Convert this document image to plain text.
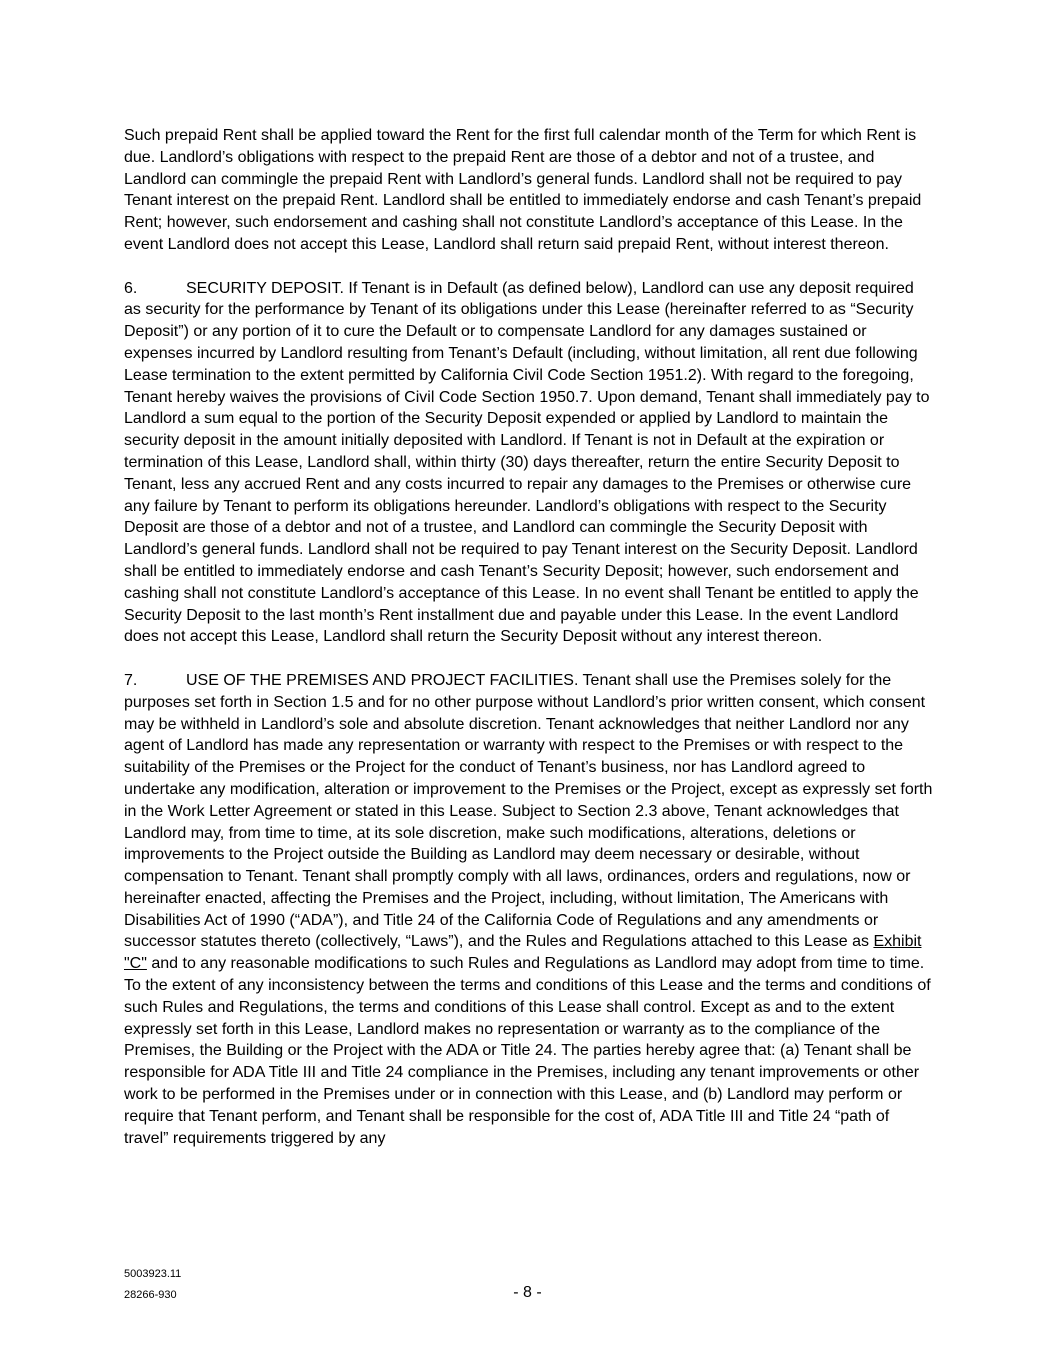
Such prepaid Rent shall be applied toward the Rent for the first full calendar month of the Term for which Rent is due. Landlord’s obligations with respect to the prepaid Rent are those of a debtor and not of a trustee, and Landlord can commingle the prepaid Rent with Landlord’s general funds. Landlord shall not be required to pay Tenant interest on the prepaid Rent. Landlord shall be entitled to immediately endorse and cash Tenant’s prepaid Rent; however, such endorsement and cashing shall not constitute Landlord’s acceptance of this Lease. In the event Landlord does not accept this Lease, Landlord shall return said prepaid Rent, without interest thereon.

6.	SECURITY DEPOSIT. If Tenant is in Default (as defined below), Landlord can use any deposit required as security for the performance by Tenant of its obligations under this Lease (hereinafter referred to as “Security Deposit”) or any portion of it to cure the Default or to compensate Landlord for any damages sustained or expenses incurred by Landlord resulting from Tenant’s Default (including, without limitation, all rent due following Lease termination to the extent permitted by California Civil Code Section 1951.2). With regard to the foregoing, Tenant hereby waives the provisions of Civil Code Section 1950.7. Upon demand, Tenant shall immediately pay to Landlord a sum equal to the portion of the Security Deposit expended or applied by Landlord to maintain the security deposit in the amount initially deposited with Landlord. If Tenant is not in Default at the expiration or termination of this Lease, Landlord shall, within thirty (30) days thereafter, return the entire Security Deposit to Tenant, less any accrued Rent and any costs incurred to repair any damages to the Premises or otherwise cure any failure by Tenant to perform its obligations hereunder. Landlord’s obligations with respect to the Security Deposit are those of a debtor and not of a trustee, and Landlord can commingle the Security Deposit with Landlord’s general funds. Landlord shall not be required to pay Tenant interest on the Security Deposit. Landlord shall be entitled to immediately endorse and cash Tenant’s Security Deposit; however, such endorsement and cashing shall not constitute Landlord’s acceptance of this Lease. In no event shall Tenant be entitled to apply the Security Deposit to the last month’s Rent installment due and payable under this Lease. In the event Landlord does not accept this Lease, Landlord shall return the Security Deposit without any interest thereon.

7.	USE OF THE PREMISES AND PROJECT FACILITIES. Tenant shall use the Premises solely for the purposes set forth in Section 1.5 and for no other purpose without Landlord’s prior written consent, which consent may be withheld in Landlord’s sole and absolute discretion. Tenant acknowledges that neither Landlord nor any agent of Landlord has made any representation or warranty with respect to the Premises or with respect to the suitability of the Premises or the Project for the conduct of Tenant’s business, nor has Landlord agreed to undertake any modification, alteration or improvement to the Premises or the Project, except as expressly set forth in the Work Letter Agreement or stated in this Lease. Subject to Section 2.3 above, Tenant acknowledges that Landlord may, from time to time, at its sole discretion, make such modifications, alterations, deletions or improvements to the Project outside the Building as Landlord may deem necessary or desirable, without compensation to Tenant. Tenant shall promptly comply with all laws, ordinances, orders and regulations, now or hereinafter enacted, affecting the Premises and the Project, including, without limitation, The Americans with Disabilities Act of 1990 (“ADA”), and Title 24 of the California Code of Regulations and any amendments or successor statutes thereto (collectively, “Laws”), and the Rules and Regulations attached to this Lease as Exhibit "C" and to any reasonable modifications to such Rules and Regulations as Landlord may adopt from time to time. To the extent of any inconsistency between the terms and conditions of this Lease and the terms and conditions of such Rules and Regulations, the terms and conditions of this Lease shall control. Except as and to the extent expressly set forth in this Lease, Landlord makes no representation or warranty as to the compliance of the Premises, the Building or the Project with the ADA or Title 24. The parties hereby agree that: (a) Tenant shall be responsible for ADA Title III and Title 24 compliance in the Premises, including any tenant improvements or other work to be performed in the Premises under or in connection with this Lease, and (b) Landlord may perform or require that Tenant perform, and Tenant shall be responsible for the cost of, ADA Title III and Title 24 “path of travel” requirements triggered by any

5003923.11
28266-930	- 8 -
